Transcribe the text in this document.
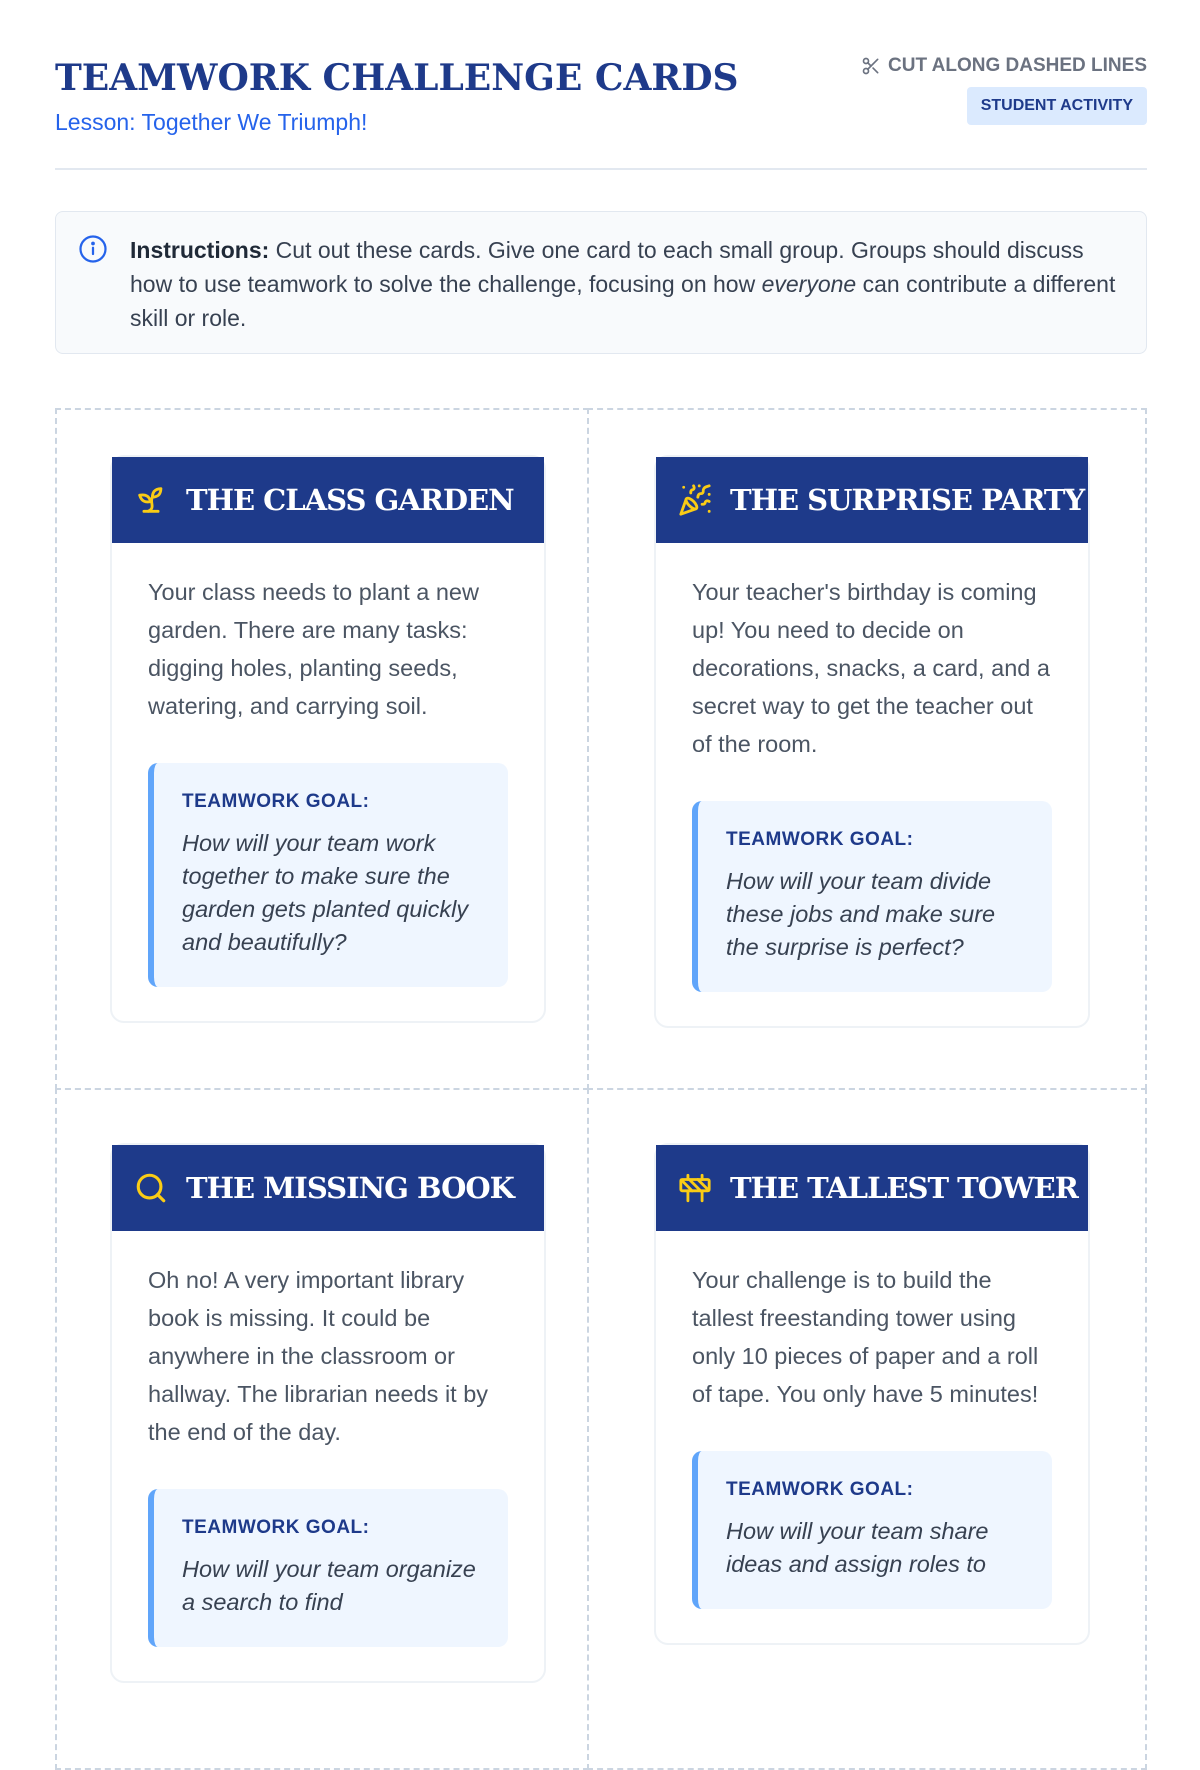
TEAMWORK CHALLENGE CARDS
Lesson: Together We Triumph!
CUT ALONG DASHED LINES
STUDENT ACTIVITY

Instructions: Cut out these cards. Give one card to each small group. Groups should discuss how to use teamwork to solve the challenge, focusing on how everyone can contribute a different skill or role.

THE CLASS GARDEN

Your class needs to plant a new garden. There are many tasks: digging holes, planting seeds, watering, and carrying soil.

TEAMWORK GOAL:

How will your team work together to make sure the garden gets planted quickly and beautifully?

THE SURPRISE PARTY

Your teacher's birthday is coming up! You need to decide on decorations, snacks, a card, and a secret way to get the teacher out of the room.

TEAMWORK GOAL:

How will your team divide these jobs and make sure the surprise is perfect?

THE MISSING BOOK

Oh no! A very important library book is missing. It could be anywhere in the classroom or hallway. The librarian needs it by the end of the day.

TEAMWORK GOAL:

How will your team organize a search to find

THE TALLEST TOWER

Your challenge is to build the tallest freestanding tower using only 10 pieces of paper and a roll of tape. You only have 5 minutes!

TEAMWORK GOAL:

How will your team share ideas and assign roles to
